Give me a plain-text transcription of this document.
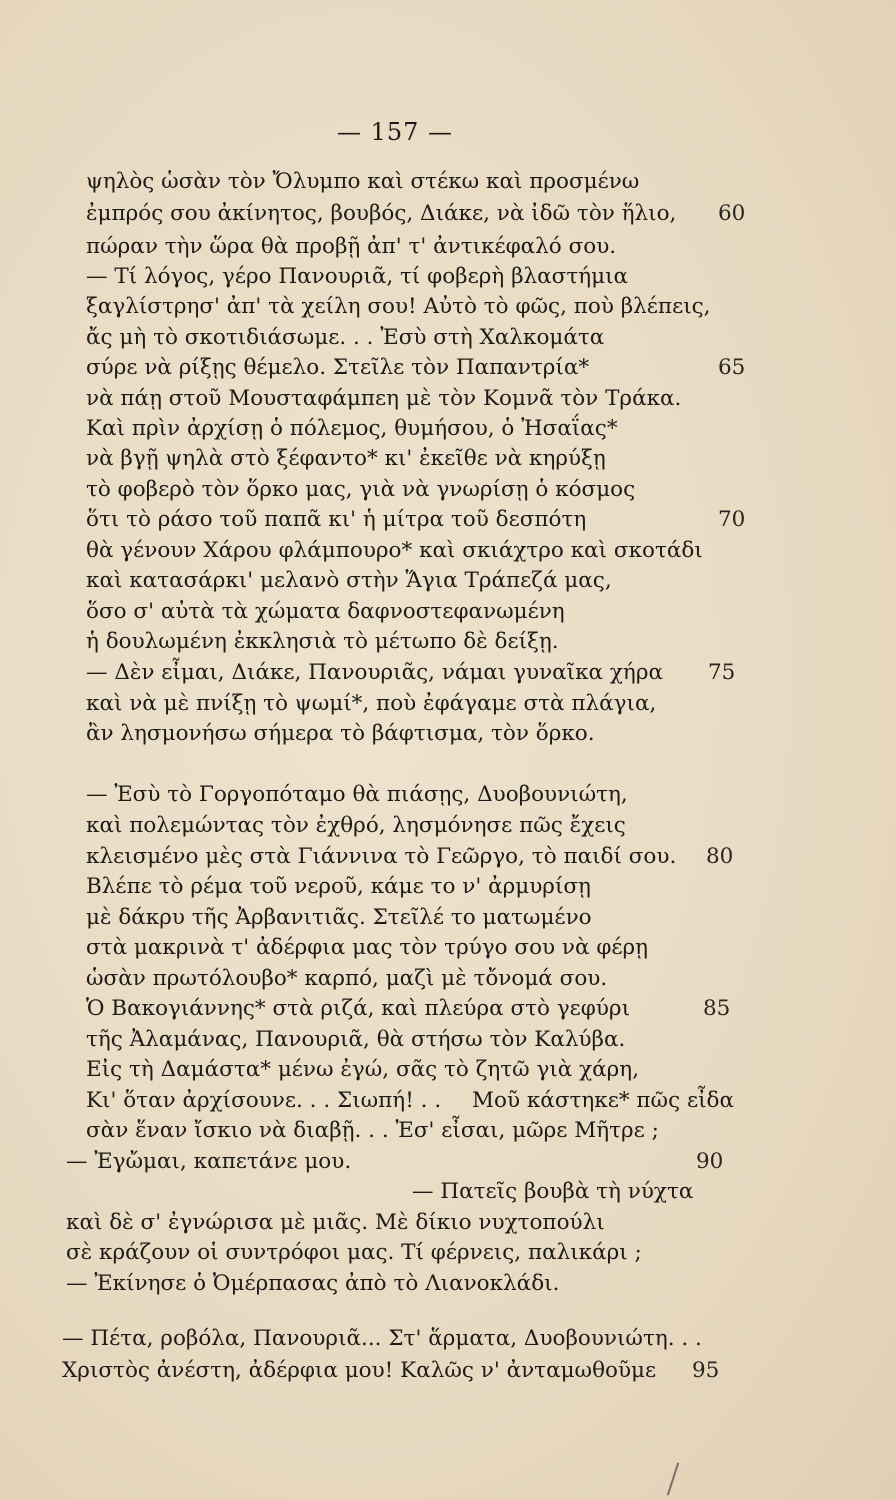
— 157 —
ψηλὸς ὡσὰν τὸν Ὄλυμπο καὶ στέκω καὶ προσμένω
ἐμπρός σου ἀκίνητος, βουβός, Διάκε, νὰ ἰδῶ τὸν ἥλιο,
πώραν τὴν ὥρα θὰ προβῇ ἀπ' τ' ἀντικέφαλό σου.
— Τί λόγος, γέρο Πανουριᾶ, τί φοβερὴ βλαστήμια
ξαγλίστρησ' ἀπ' τὰ χείλη σου! Αὐτὸ τὸ φῶς, ποὺ βλέπεις,
ἄς μὴ τὸ σκοτιδιάσωμε. . . Ἐσὺ στὴ Χαλκομάτα
σύρε νὰ ρίξῃς θέμελο. Στεῖλε τὸν Παπαντρία*
νὰ πάῃ στοῦ Μουσταφάμπεη μὲ τὸν Κομνᾶ τὸν Τράκα.
Καὶ πρὶν ἀρχίσῃ ὁ πόλεμος, θυμήσου, ὁ Ἠσαΐας*
νὰ βγῇ ψηλὰ στὸ ξέφαντο* κι' ἐκεῖθε νὰ κηρύξῃ
τὸ φοβερὸ τὸν ὅρκο μας, γιὰ νὰ γνωρίσῃ ὁ κόσμος
ὅτι τὸ ράσο τοῦ παπᾶ κι' ἡ μίτρα τοῦ δεσπότη
θὰ γένουν Χάρου φλάμπουρο* καὶ σκιάχτρο καὶ σκοτάδι
καὶ κατασάρκι' μελανὸ στὴν Ἅγια Τράπεζά μας,
ὅσο σ' αὐτὰ τὰ χώματα δαφνοστεφανωμένη
ἡ δουλωμένη ἐκκλησιὰ τὸ μέτωπο δὲ δείξῃ.
— Δὲν εἶμαι, Διάκε, Πανουριᾶς, νάμαι γυναῖκα χήρα
καὶ νὰ μὲ πνίξῃ τὸ ψωμί*, ποὺ ἐφάγαμε στὰ πλάγια,
ἂν λησμονήσω σήμερα τὸ βάφτισμα, τὸν ὅρκο.
— Ἐσὺ τὸ Γοργοπόταμο θὰ πιάσῃς, Δυοβουνιώτη,
καὶ πολεμώντας τὸν ἐχθρό, λησμόνησε πῶς ἔχεις
κλεισμένο μὲς στὰ Γιάννινα τὸ Γεῶργο, τὸ παιδί σου.
Βλέπε τὸ ρέμα τοῦ νεροῦ, κάμε το ν' ἀρμυρίσῃ
μὲ δάκρυ τῆς Ἀρβανιτιᾶς. Στεῖλέ το ματωμένο
στὰ μακρινὰ τ' ἀδέρφια μας τὸν τρύγο σου νὰ φέρῃ
ὡσὰν πρωτόλουβο* καρπό, μαζὶ μὲ τὄνομά σου.
Ὁ Βακογιάννης* στὰ ριζά, καὶ πλεύρα στὸ γεφύρι
τῆς Ἀλαμάνας, Πανουριᾶ, θὰ στήσω τὸν Καλύβα.
Εἰς τὴ Δαμάστα* μένω ἐγώ, σᾶς τὸ ζητῶ γιὰ χάρη,
Κι' ὅταν ἀρχίσουνε. . . Σιωπή! . . Μοῦ κάστηκε* πῶς εἶδα
σὰν ἕναν ἴσκιο νὰ διαβῇ. . . Ἐσ' εἶσαι, μῶρε Μῆτρε ;
— Ἐγὤμαι, καπετάνε μου.
— Πατεῖς βουβὰ τὴ νύχτα
καὶ δὲ σ' ἐγνώρισα μὲ μιᾶς. Μὲ δίκιο νυχτοπούλι
σὲ κράζουν οἱ συντρόφοι μας. Τί φέρνεις, παλικάρι ;
— Ἐκίνησε ὁ Ὀμέρπασας ἀπὸ τὸ Λιανοκλάδι.
— Πέτα, ροβόλα, Πανουριᾶ... Στ' ἅρματα, Δυοβουνιώτη. . .
Χριστὸς ἀνέστη, ἀδέρφια μου! Καλῶς ν' ἀνταμωθοῦμε
60
65
70
75
80
85
90
95
